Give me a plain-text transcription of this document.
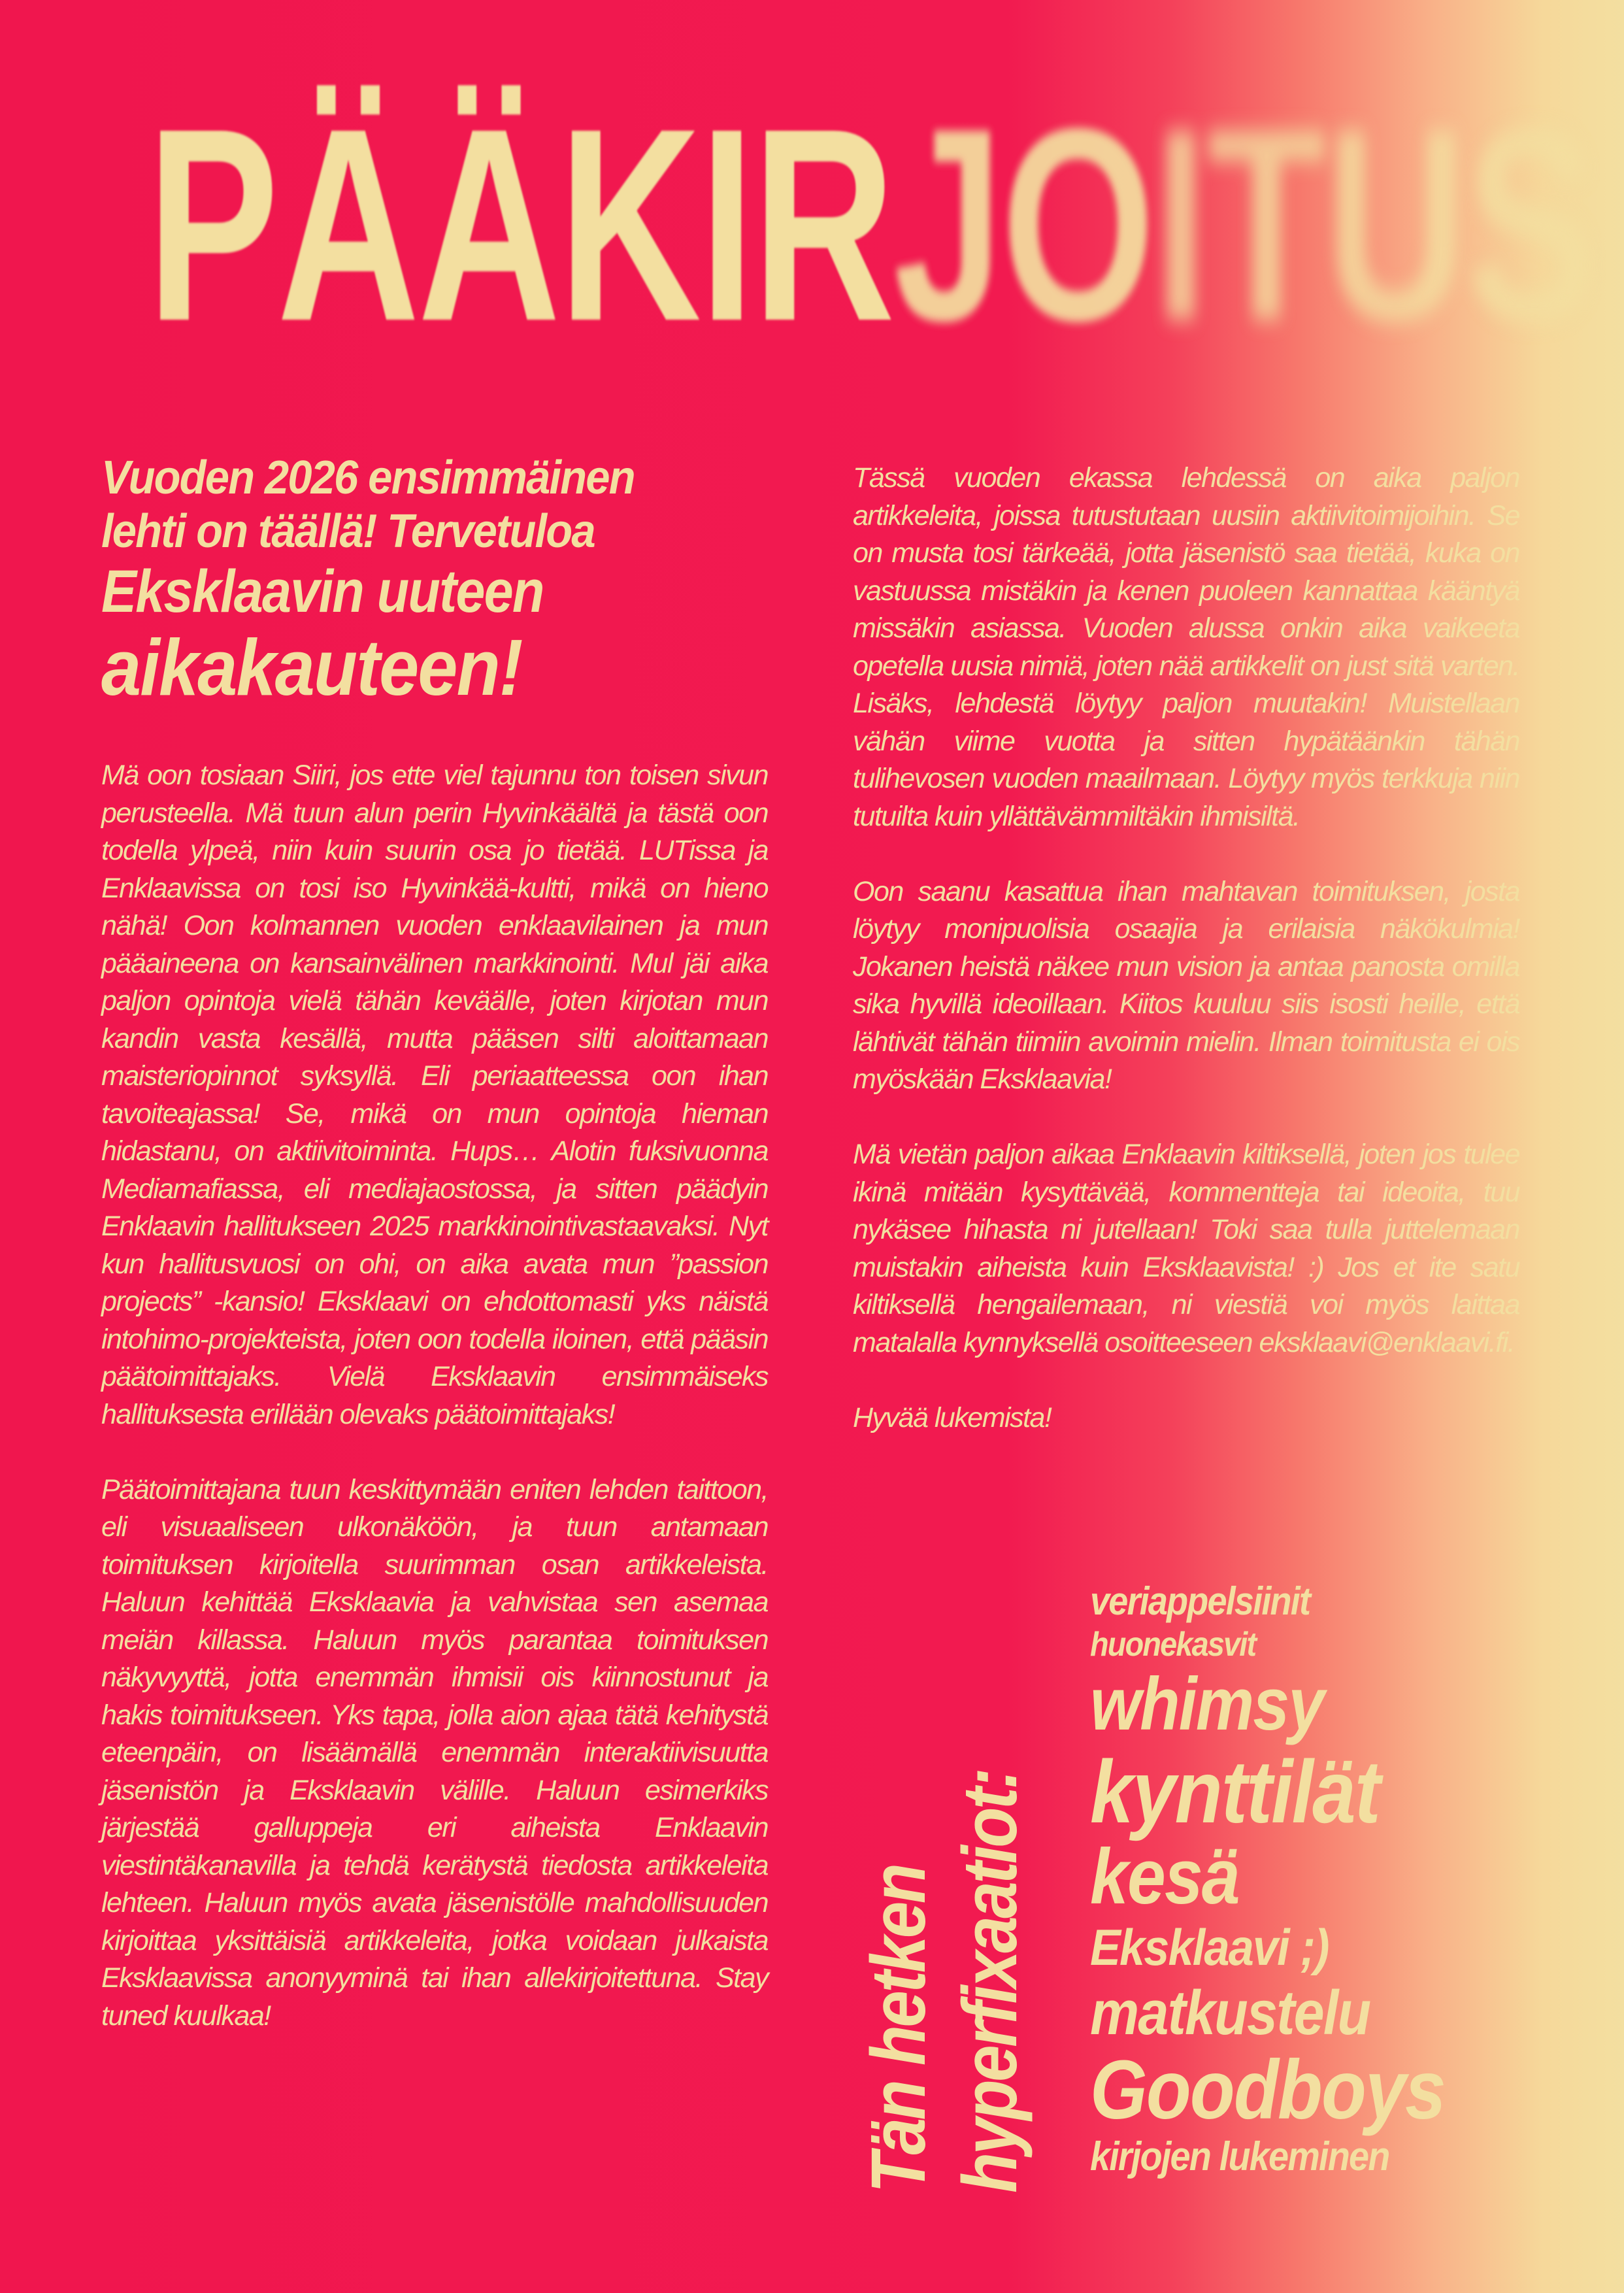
PÄÄKIRJOITUS
Vuoden 2026 ensimmäinen
lehti on täällä! Tervetuloa
Eksklaavin uuteen
aikakauteen!

Mä oon tosiaan Siiri, jos ette viel tajunnu ton toisen sivun perusteella. Mä tuun alun perin Hyvinkäältä ja tästä oon todella ylpeä, niin kuin suurin osa jo tietää. LUTissa ja Enklaavissa on tosi iso Hyvinkää-kultti, mikä on hieno nähä! Oon kolmannen vuoden enklaavilainen ja mun pääaineena on kansainvälinen markkinointi. Mul jäi aika paljon opintoja vielä tähän keväälle, joten kirjotan mun kandin vasta kesällä, mutta pääsen silti aloittamaan maisteriopinnot syksyllä. Eli periaatteessa oon ihan tavoiteajassa! Se, mikä on mun opintoja hieman hidastanu, on aktiivitoiminta. Hups… Alotin fuksivuonna Mediamafiassa, eli mediajaostossa, ja sitten päädyin Enklaavin hallitukseen 2025 markkinointivastaavaksi. Nyt kun hallitusvuosi on ohi, on aika avata mun ”passion projects” -kansio! Eksklaavi on ehdottomasti yks näistä intohimo-projekteista, joten oon todella iloinen, että pääsin päätoimittajaks. Vielä Eksklaavin ensimmäiseks hallituksesta erillään olevaks päätoimittajaks!

Päätoimittajana tuun keskittymään eniten lehden taittoon, eli visuaaliseen ulkonäköön, ja tuun antamaan toimituksen kirjoitella suurimman osan artikkeleista. Haluun kehittää Eksklaavia ja vahvistaa sen asemaa meiän killassa. Haluun myös parantaa toimituksen näkyvyyttä, jotta enemmän ihmisii ois kiinnostunut ja hakis toimitukseen. Yks tapa, jolla aion ajaa tätä kehitystä eteenpäin, on lisäämällä enemmän interaktiivisuutta jäsenistön ja Eksklaavin välille. Haluun esimerkiks järjestää galluppeja eri aiheista Enklaavin viestintäkanavilla ja tehdä kerätystä tiedosta artikkeleita lehteen. Haluun myös avata jäsenistölle mahdollisuuden kirjoittaa yksittäisiä artikkeleita, jotka voidaan julkaista Eksklaavissa anonyyminä tai ihan allekirjoitettuna. Stay tuned kuulkaa!

Tässä vuoden ekassa lehdessä on aika paljon artikkeleita, joissa tutustutaan uusiin aktiivitoimijoihin. Se on musta tosi tärkeää, jotta jäsenistö saa tietää, kuka on vastuussa mistäkin ja kenen puoleen kannattaa kääntyä missäkin asiassa. Vuoden alussa onkin aika vaikeeta opetella uusia nimiä, joten nää artikkelit on just sitä varten. Lisäks, lehdestä löytyy paljon muutakin! Muistellaan vähän viime vuotta ja sitten hypätäänkin tähän tulihevosen vuoden maailmaan. Löytyy myös terkkuja niin tutuilta kuin yllättävämmiltäkin ihmisiltä.

Oon saanu kasattua ihan mahtavan toimituksen, josta löytyy monipuolisia osaajia ja erilaisia näkökulmia! Jokanen heistä näkee mun vision ja antaa panosta omilla sika hyvillä ideoillaan. Kiitos kuuluu siis isosti heille, että lähtivät tähän tiimiin avoimin mielin. Ilman toimitusta ei ois myöskään Eksklaavia!

Mä vietän paljon aikaa Enklaavin kiltiksellä, joten jos tulee ikinä mitään kysyttävää, kommentteja tai ideoita, tuu nykäsee hihasta ni jutellaan! Toki saa tulla juttelemaan muistakin aiheista kuin Eksklaavista! :) Jos et ite satu kiltiksellä hengailemaan, ni viestiä voi myös laittaa matalalla kynnyksellä osoitteeseen eksklaavi@enklaavi.fi.

Hyvää lukemista!

Tän hetken hyperfixaatiot:
veriappelsiinit
huonekasvit
whimsy
kynttilät
kesä
Eksklaavi ;)
matkustelu
Goodboys
kirjojen lukeminen
